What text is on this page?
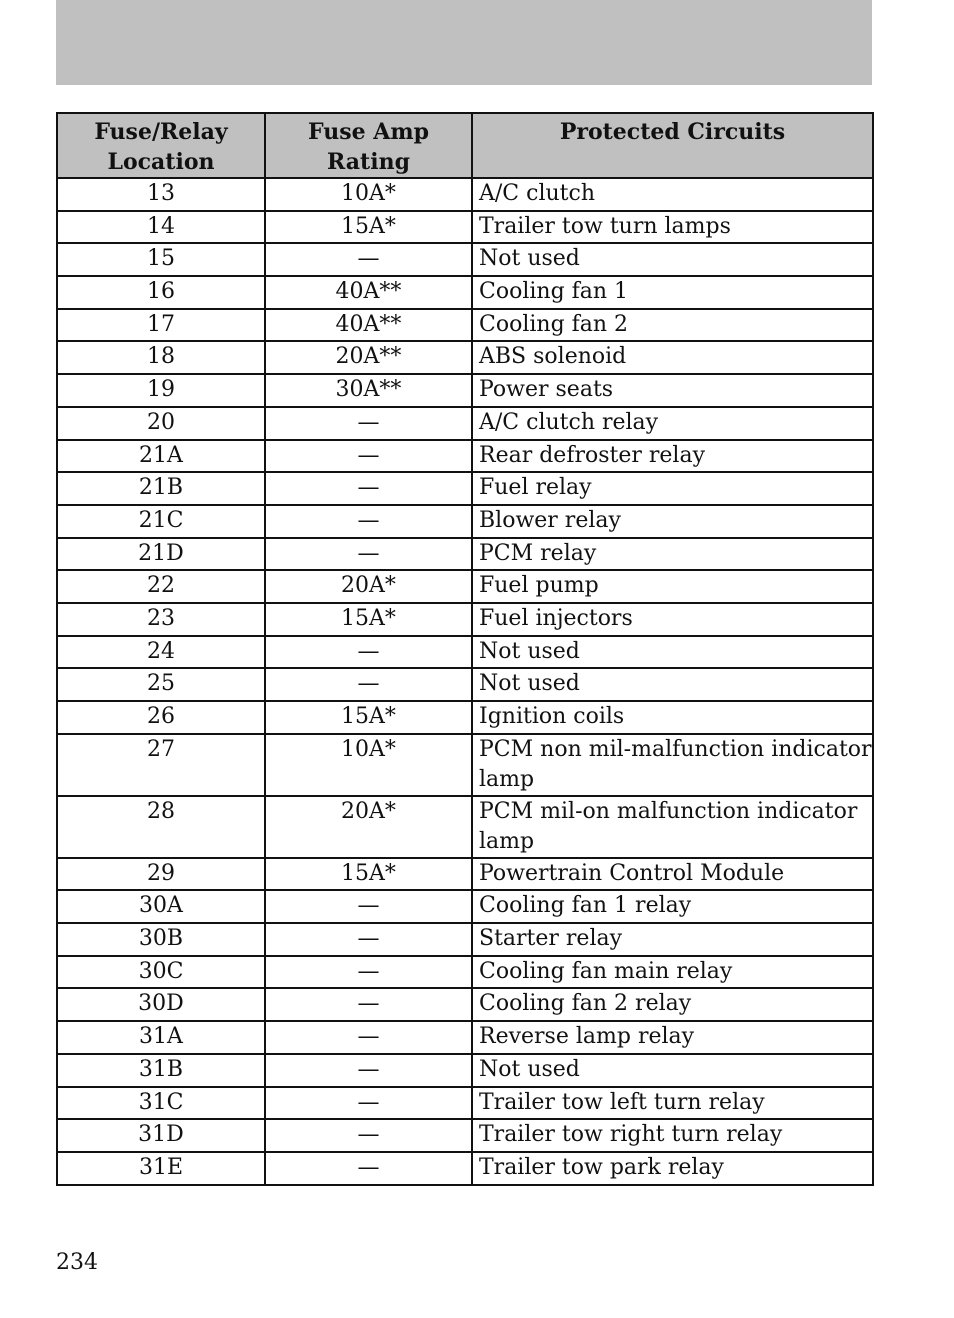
Fuse/Relay Location	Fuse Amp Rating	Protected Circuits
13	10A*	A/C clutch
14	15A*	Trailer tow turn lamps
15	—	Not used
16	40A**	Cooling fan 1
17	40A**	Cooling fan 2
18	20A**	ABS solenoid
19	30A**	Power seats
20	—	A/C clutch relay
21A	—	Rear defroster relay
21B	—	Fuel relay
21C	—	Blower relay
21D	—	PCM relay
22	20A*	Fuel pump
23	15A*	Fuel injectors
24	—	Not used
25	—	Not used
26	15A*	Ignition coils
27	10A*	PCM non mil-malfunction indicator lamp
28	20A*	PCM mil-on malfunction indicator lamp
29	15A*	Powertrain Control Module
30A	—	Cooling fan 1 relay
30B	—	Starter relay
30C	—	Cooling fan main relay
30D	—	Cooling fan 2 relay
31A	—	Reverse lamp relay
31B	—	Not used
31C	—	Trailer tow left turn relay
31D	—	Trailer tow right turn relay
31E	—	Trailer tow park relay
234
